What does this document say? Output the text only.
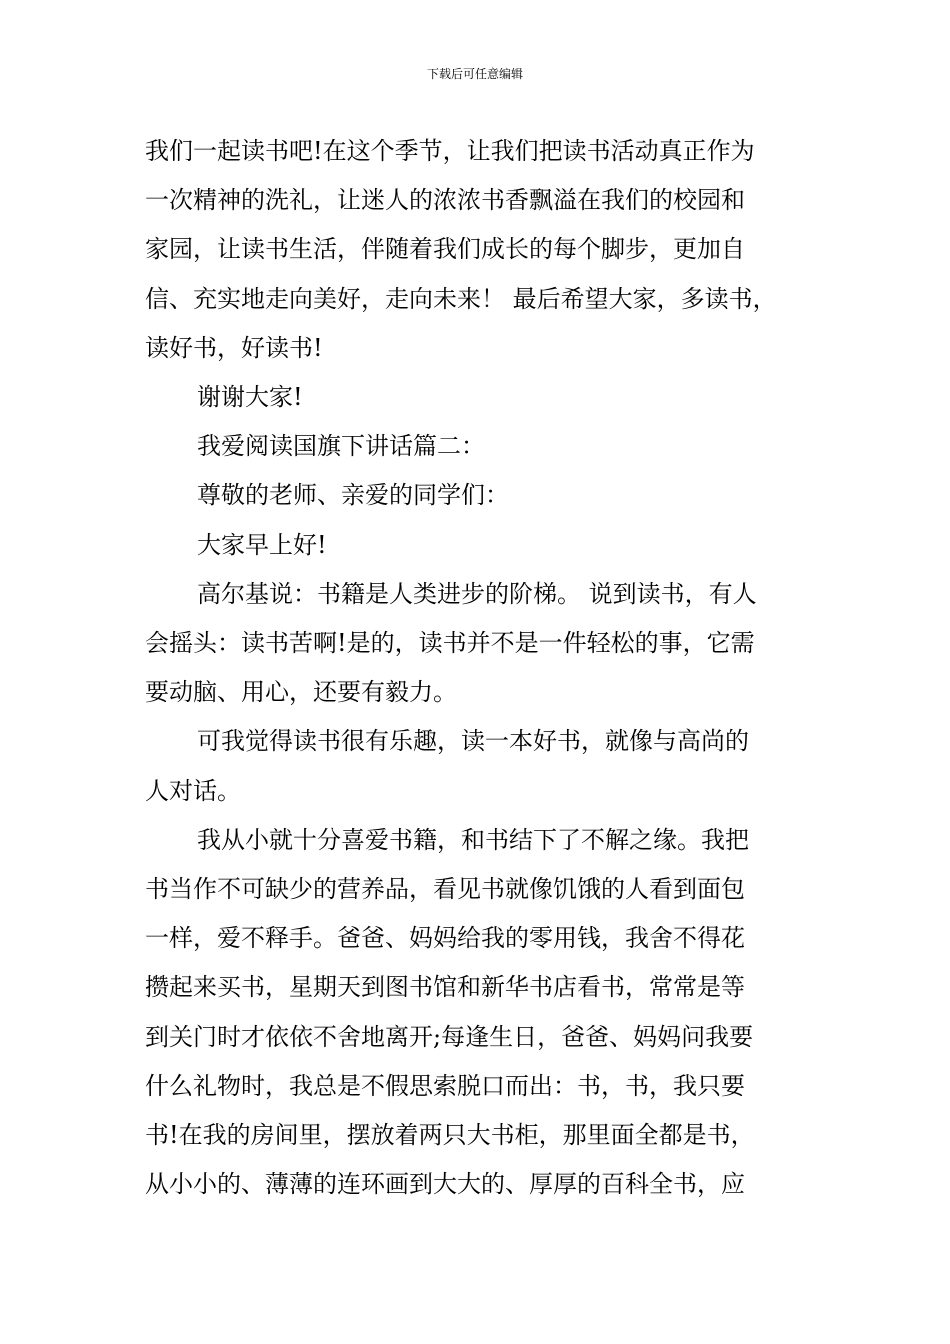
下载后可任意编辑
我们一起读书吧!在这个季节，让我们把读书活动真正作为
一次精神的洗礼，让迷人的浓浓书香飘溢在我们的校园和
家园，让读书生活，伴随着我们成长的每个脚步，更加自
信、充实地走向美好，走向未来！ 最后希望大家，多读书，
读好书，好读书!
谢谢大家!
我爱阅读国旗下讲话篇二：
尊敬的老师、亲爱的同学们：
大家早上好!
高尔基说：书籍是人类进步的阶梯。 说到读书，有人
会摇头：读书苦啊!是的，读书并不是一件轻松的事，它需
要动脑、用心，还要有毅力。
可我觉得读书很有乐趣，读一本好书，就像与高尚的
人对话。
我从小就十分喜爱书籍，和书结下了不解之缘。我把
书当作不可缺少的营养品，看见书就像饥饿的人看到面包
一样，爱不释手。爸爸、妈妈给我的零用钱，我舍不得花
攒起来买书，星期天到图书馆和新华书店看书，常常是等
到关门时才依依不舍地离开;每逢生日，爸爸、妈妈问我要
什么礼物时，我总是不假思索脱口而出：书，书，我只要
书!在我的房间里，摆放着两只大书柜，那里面全都是书，
从小小的、薄薄的连环画到大大的、厚厚的百科全书，应
